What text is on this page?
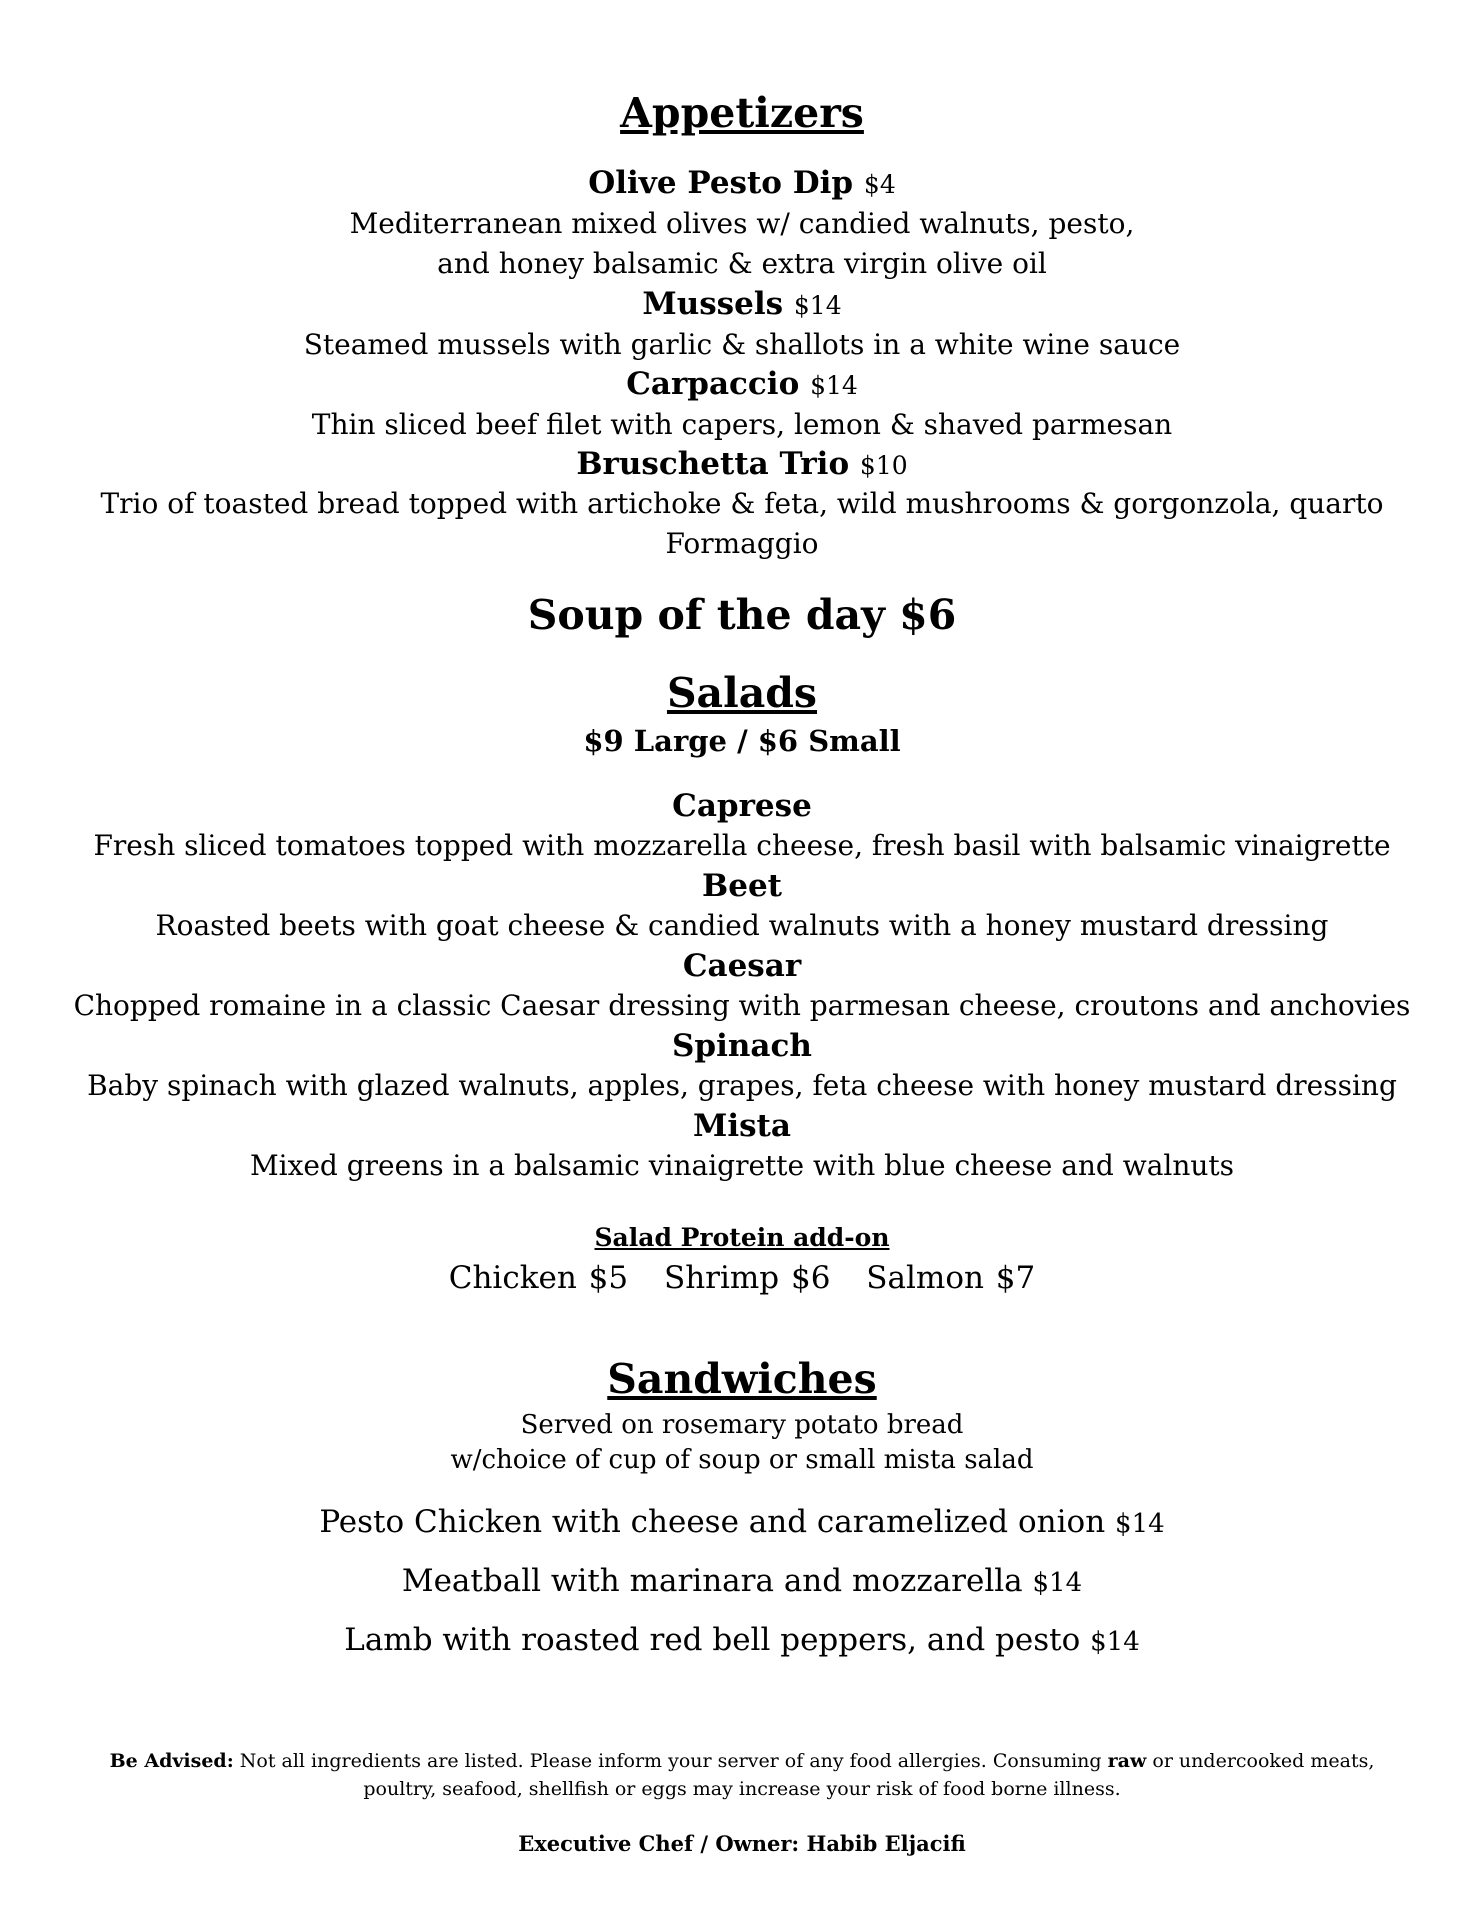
Appetizers
Olive Pesto Dip $4
Mediterranean mixed olives w/ candied walnuts, pesto,
and honey balsamic & extra virgin olive oil
Mussels $14
Steamed mussels with garlic & shallots in a white wine sauce
Carpaccio $14
Thin sliced beef filet with capers, lemon & shaved parmesan
Bruschetta Trio $10
Trio of toasted bread topped with artichoke & feta, wild mushrooms & gorgonzola, quarto
Formaggio
Soup of the day $6
Salads
$9 Large / $6 Small
Caprese
Fresh sliced tomatoes topped with mozzarella cheese, fresh basil with balsamic vinaigrette
Beet
Roasted beets with goat cheese & candied walnuts with a honey mustard dressing
Caesar
Chopped romaine in a classic Caesar dressing with parmesan cheese, croutons and anchovies
Spinach
Baby spinach with glazed walnuts, apples, grapes, feta cheese with honey mustard dressing
Mista
Mixed greens in a balsamic vinaigrette with blue cheese and walnuts
Salad Protein add-on
Chicken $5 Shrimp $6 Salmon $7
Sandwiches
Served on rosemary potato bread
w/choice of cup of soup or small mista salad
Pesto Chicken with cheese and caramelized onion $14
Meatball with marinara and mozzarella $14
Lamb with roasted red bell peppers, and pesto $14
Be Advised: Not all ingredients are listed. Please inform your server of any food allergies. Consuming raw or undercooked meats,
poultry, seafood, shellfish or eggs may increase your risk of food borne illness.
Executive Chef / Owner: Habib Eljacifi
